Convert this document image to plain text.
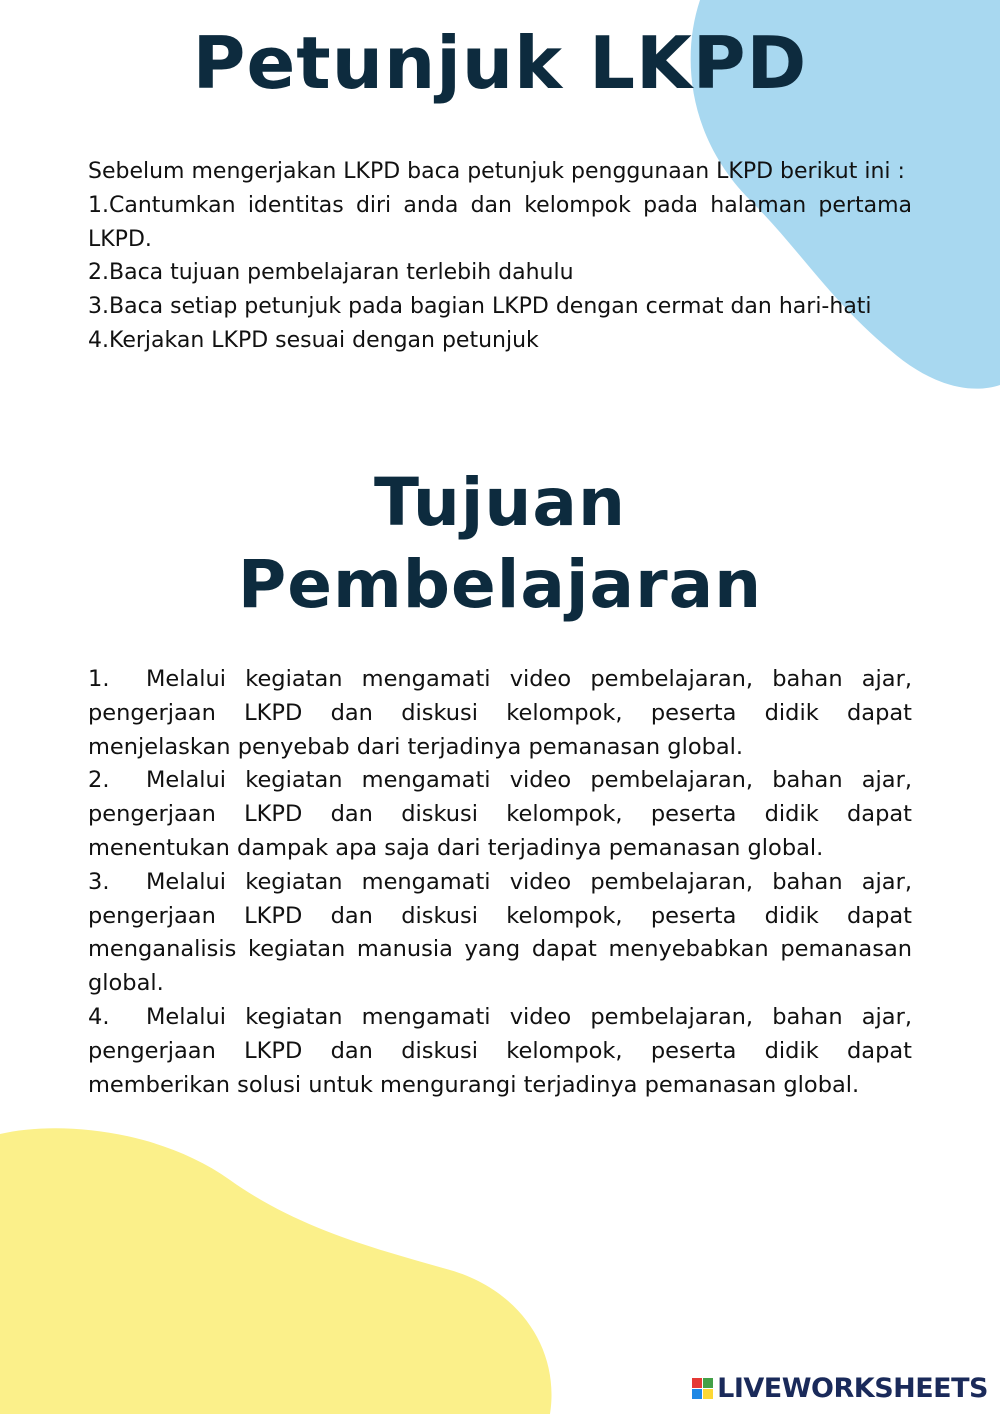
Petunjuk LKPD

Sebelum mengerjakan LKPD baca petunjuk penggunaan LKPD berikut ini :

1.Cantumkan identitas diri anda dan kelompok pada halaman pertama LKPD.

2.Baca tujuan pembelajaran terlebih dahulu

3.Baca setiap petunjuk pada bagian LKPD dengan cermat dan hari-hati

4.Kerjakan LKPD sesuai dengan petunjuk

Tujuan
Pembelajaran

1. Melalui kegiatan mengamati video pembelajaran, bahan ajar, pengerjaan LKPD dan diskusi kelompok, peserta didik dapat menjelaskan penyebab dari terjadinya pemanasan global.

2. Melalui kegiatan mengamati video pembelajaran, bahan ajar, pengerjaan LKPD dan diskusi kelompok, peserta didik dapat menentukan dampak apa saja dari terjadinya pemanasan global.

3. Melalui kegiatan mengamati video pembelajaran, bahan ajar, pengerjaan LKPD dan diskusi kelompok, peserta didik dapat menganalisis kegiatan manusia yang dapat menyebabkan pemanasan global.

4. Melalui kegiatan mengamati video pembelajaran, bahan ajar, pengerjaan LKPD dan diskusi kelompok, peserta didik dapat memberikan solusi untuk mengurangi terjadinya pemanasan global.

LIVEWORKSHEETS
